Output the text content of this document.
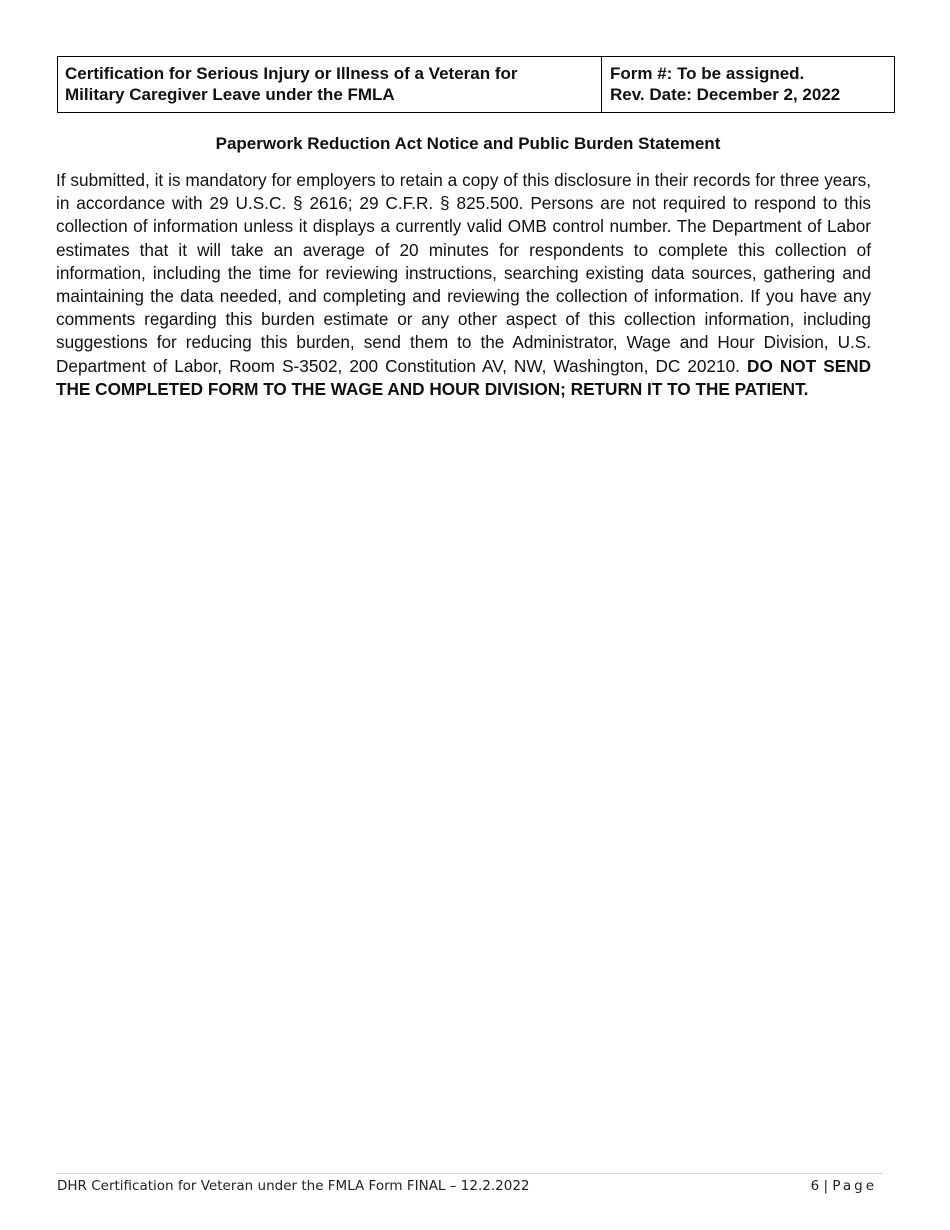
Certification for Serious Injury or Illness of a Veteran for
Military Caregiver Leave under the FMLA
Form #: To be assigned.
Rev. Date: December 2, 2022
Paperwork Reduction Act Notice and Public Burden Statement
If submitted, it is mandatory for employers to retain a copy of this disclosure in their records for three years, in accordance with 29 U.S.C. § 2616; 29 C.F.R. § 825.500. Persons are not required to respond to this collection of information unless it displays a currently valid OMB control number. The Department of Labor estimates that it will take an average of 20 minutes for respondents to complete this collection of information, including the time for reviewing instructions, searching existing data sources, gathering and maintaining the data needed, and completing and reviewing the collection of information. If you have any comments regarding this burden estimate or any other aspect of this collection information, including suggestions for reducing this burden, send them to the Administrator, Wage and Hour Division, U.S. Department of Labor, Room S-3502, 200 Constitution AV, NW, Washington, DC 20210. DO NOT SEND THE COMPLETED FORM TO THE WAGE AND HOUR DIVISION; RETURN IT TO THE PATIENT.
DHR Certification for Veteran under the FMLA Form FINAL – 12.2.2022	6 | Page
